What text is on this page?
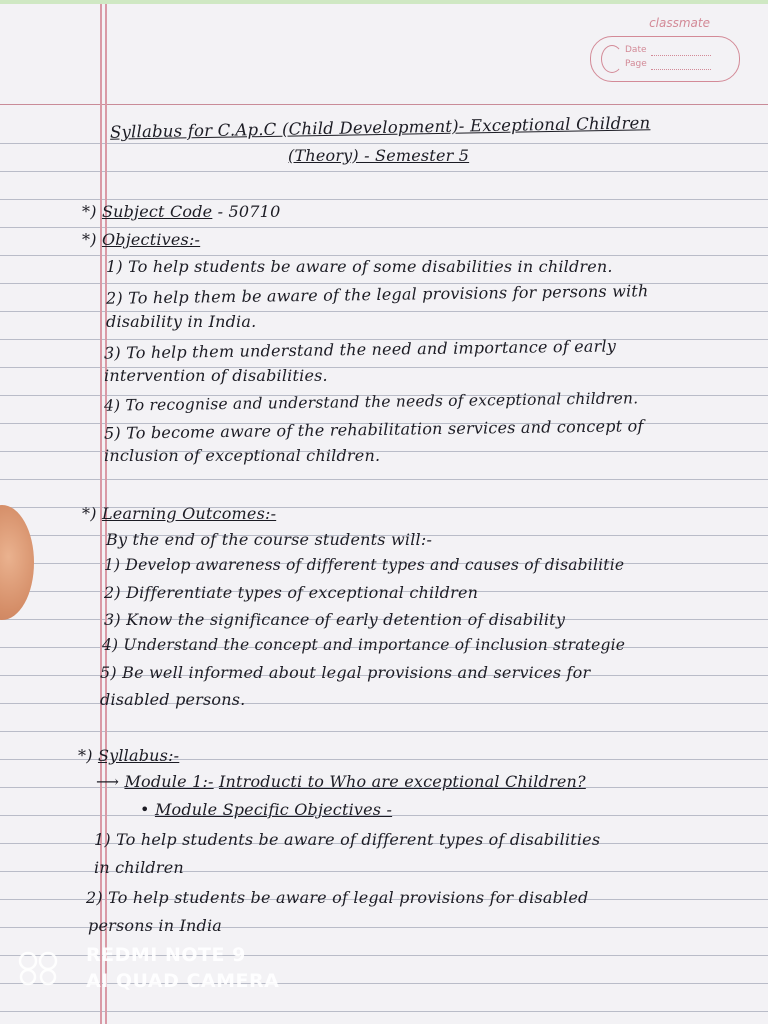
classmate
Date
Page
Syllabus for C.Ap.C (Child Development)- Exceptional Children
(Theory) - Semester 5
*) Subject Code - 50710
*) Objectives:-
1) To help students be aware of some disabilities in children.
2) To help them be aware of the legal provisions for persons with
disability in India.
3) To help them understand the need and importance of early
intervention of disabilities.
4) To recognise and understand the needs of exceptional children.
5) To become aware of the rehabilitation services and concept of
inclusion of exceptional children.
*) Learning Outcomes:-
By the end of the course students will:-
1) Develop awareness of different types and causes of disabilitie
2) Differentiate types of exceptional children
3) Know the significance of early detention of disability
4) Understand the concept and importance of inclusion strategie
5) Be well informed about legal provisions and services for
disabled persons.
*) Syllabus:-
⟶ Module 1:- Introducti to Who are exceptional Children?
• Module Specific Objectives -
1) To help students be aware of different types of disabilities
in children
2) To help students be aware of legal provisions for disabled
persons in India
REDMI NOTE 9
AI QUAD CAMERA
